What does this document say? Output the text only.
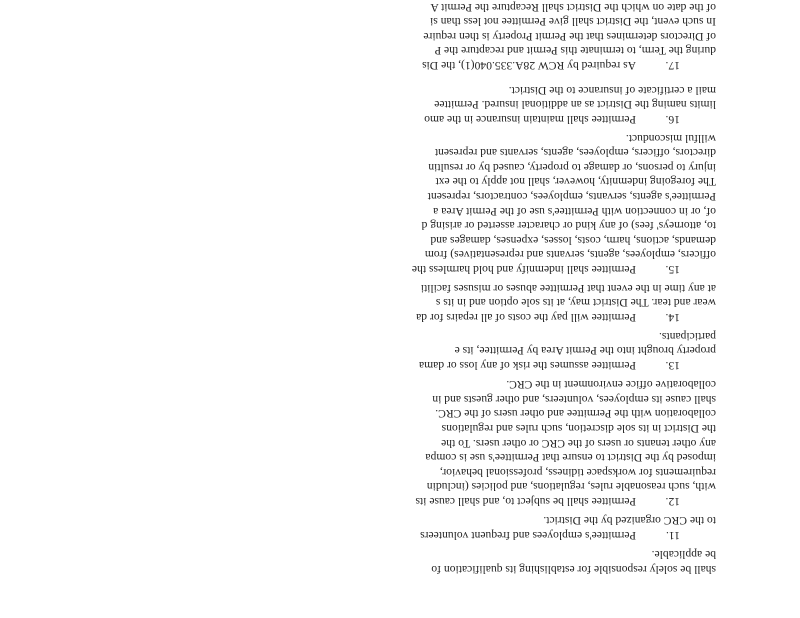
shall be solely responsible for establishing its qualification fo
be applicable.
11.Permittee's employees and frequent volunteers
to the CRC organized by the District.
12.Permittee shall be subject to, and shall cause its
with, such reasonable rules, regulations, and policies (includin
requirements for workspace tidiness, professional behavior,
imposed by the District to ensure that Permittee's use is compa
any other tenants or users of the CRC or other users. To the
the District in its sole discretion, such rules and regulations
collaboration with the Permittee and other users of the CRC.
shall cause its employees, volunteers, and other guests and in
collaborative office environment in the CRC.
13.Permittee assumes the risk of any loss or dama
property brought into the Permit Area by Permittee, its e
participants.
14.Permittee will pay the costs of all repairs for da
wear and tear. The District may, at its sole option and in its s
at any time in the event that Permittee abuses or misuses faciliti
15.Permittee shall indemnify and hold harmless the
officers, employees, agents, servants and representatives) from
demands, actions, harm, costs, losses, expenses, damages and
to, attorneys' fees) of any kind or character asserted or arising d
of, or in connection with Permittee's use of the Permit Area a
Permittee's agents, servants, employees, contractors, represent
The foregoing indemnity, however, shall not apply to the ext
injury to persons, or damage to property, caused by or resultin
directors, officers, employees, agents, servants and represent
willful misconduct.
16.Permittee shall maintain insurance in the amo
limits naming the District as an additional insured. Permittee
mail a certificate of insurance to the District.
17.As required by RCW 28A.335.040(1), the Dis
during the Term, to terminate this Permit and recapture the P
of Directors determines that the Permit Property is then require
In such event, the District shall give Permittee not less than si
of the date on which the District shall Recapture the Permit A
